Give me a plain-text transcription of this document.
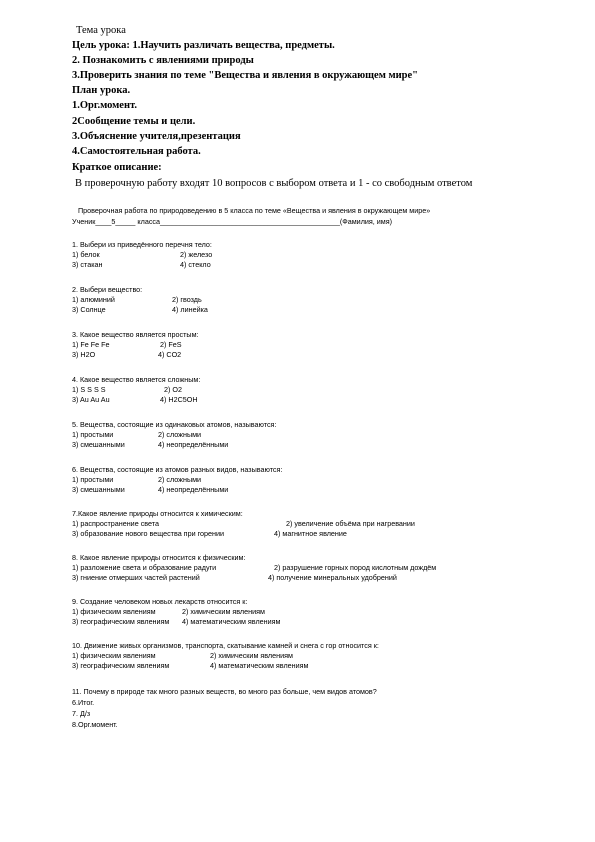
Тема урока
Цель урока: 1.Научить различать вещества, предметы.
2. Познакомить с явлениями природы
3.Проверить знания по теме "Вещества и явления в окружающем мире"
План урока.
1.Орг.момент.
2Сообщение темы и цели.
3.Объяснение учителя,презентация
4.Самостоятельная работа.
Краткое описание:
В проверочную работу входят 10 вопросов с выбором ответа и 1 - со свободным ответом
Проверочная работа по природоведению в 5 класса по теме «Вещества и явления в окружающем мире»
Ученик____5_____ класса_____________________________________________(Фамилия, имя)
1. Выбери из приведённого перечня тело:
1) белок	2) железо
3) стакан	4) стекло
2. Выбери вещество:
1) алюминий	2) гвоздь
3) Солнце	4) линейка
3. Какое вещество является простым:
1) Fe Fe Fe	2) FeS
3) H2O	4) CO2
4. Какое вещество является сложным:
1) S S S S	2) O2
3) Au Au Au	4) H2C5OH
5. Вещества, состоящие из одинаковых атомов, называются:
1) простыми	2) сложными
3) смешанными	4) неопределёнными
6. Вещества, состоящие из атомов разных видов, называются:
1) простыми	2) сложными
3) смешанными	4) неопределёнными
7.Какое явление природы относится к химическим:
1) распространение света	2) увеличение объёма при нагревании
3) образование нового вещества при горении	4) магнитное явление
8. Какое явление природы относится к физическим:
1) разложение света и образование радуги	2) разрушение горных пород кислотным дождём
3) гниение отмерших частей растений	4) получение минеральных удобрений
9. Создание человеком новых лекарств относится к:
1) физическим явлениям	2) химическим явлениям
3) географическим явлениям 4) математическим явлениям
10. Движение живых организмов, транспорта, скатывание камней и снега с гор относится к:
1) физическим явлениям	2) химическим явлениям
3) географическим явлениям	4) математическим явлениям
11. Почему в природе так много разных веществ, во много раз больше, чем видов атомов?
6.Итог.
7. Д/з
8.Орг.момент.
